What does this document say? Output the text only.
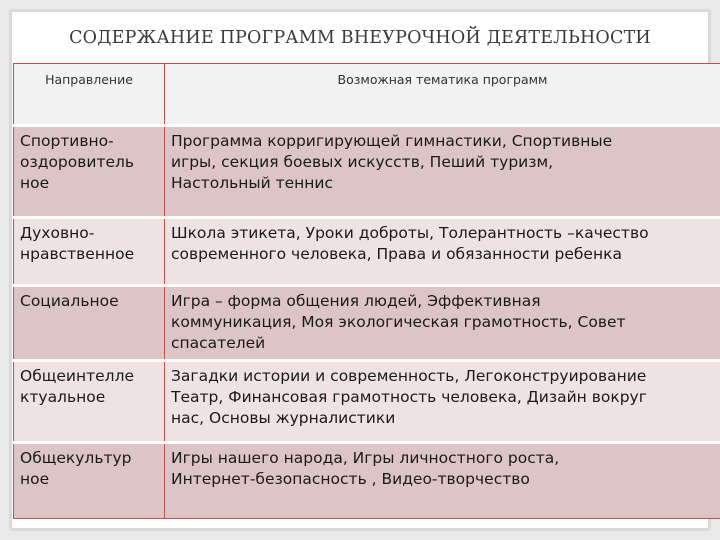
СОДЕРЖАНИЕ ПРОГРАММ ВНЕУРОЧНОЙ ДЕЯТЕЛЬНОСТИ
Направление	Возможная тематика программ

Спортивно-
оздоровитель
ное	Программа корригирующей гимнастики, Спортивные
игры, секция боевых искусств, Пеший туризм,
Настольный теннис

Духовно-
нравственное	Школа этикета, Уроки доброты, Толерантность –качество
современного человека, Права и обязанности ребенка

Социальное	Игра – форма общения людей, Эффективная
коммуникация, Моя экологическая грамотность, Совет
спасателей

Общеинтелле
ктуальное	Загадки истории и современность, Легоконструирование
Театр, Финансовая грамотность человека, Дизайн вокруг
нас, Основы журналистики

Общекультур
ное	Игры нашего народа, Игры личностного роста,
Интернет-безопасность , Видео-творчество
